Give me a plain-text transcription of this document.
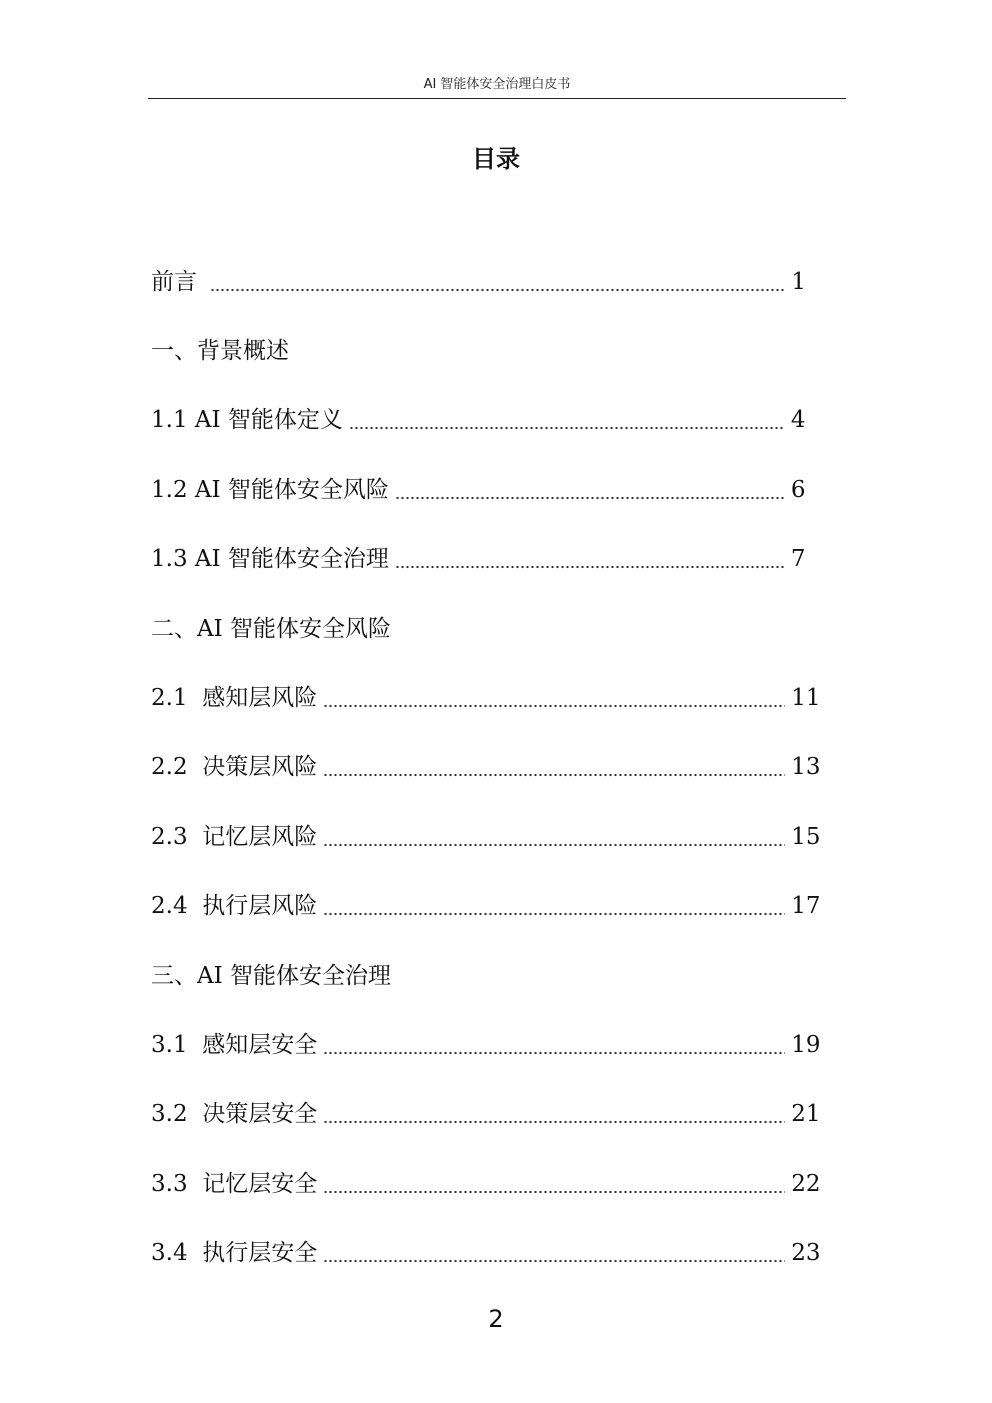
AI 智能体安全治理白皮书
目录
前言	1
一、背景概述
1.1 AI 智能体定义	4
1.2 AI 智能体安全风险	6
1.3 AI 智能体安全治理	7
二、AI 智能体安全风险
2.1  感知层风险	11
2.2  决策层风险	13
2.3  记忆层风险	15
2.4  执行层风险	17
三、AI 智能体安全治理
3.1  感知层安全	19
3.2  决策层安全	21
3.3  记忆层安全	22
3.4  执行层安全	23
2
